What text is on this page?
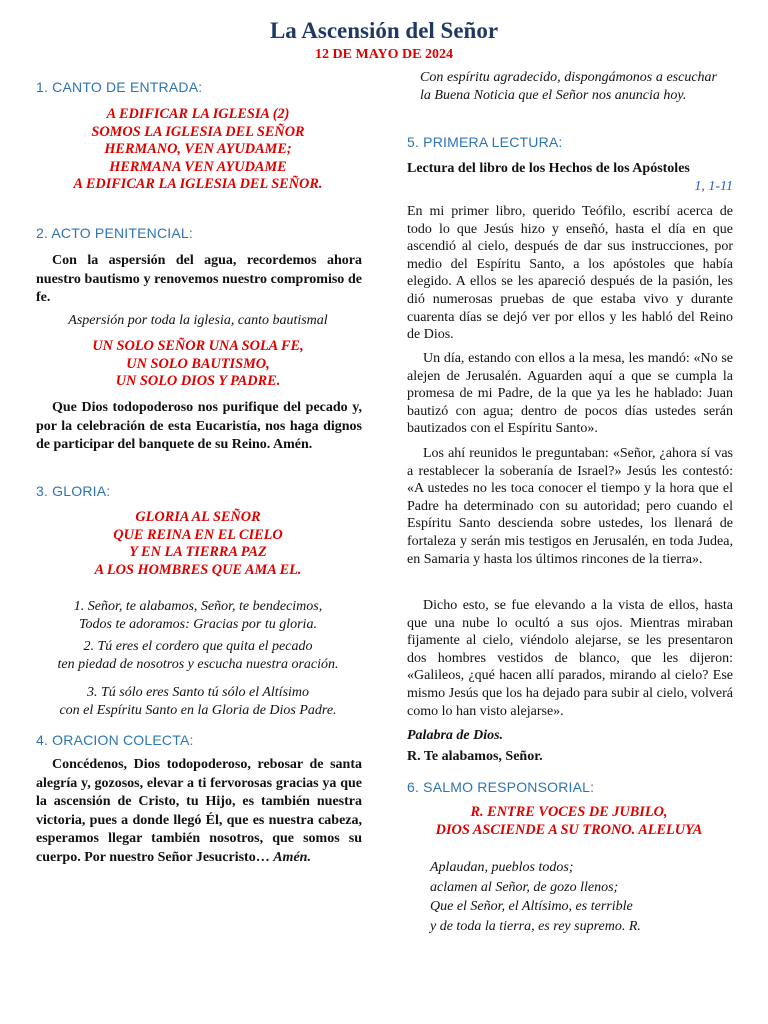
La Ascensión del Señor
12 DE MAYO DE 2024
1. CANTO DE ENTRADA:
A EDIFICAR LA IGLESIA (2)
SOMOS LA IGLESIA DEL SEÑOR
HERMANO, VEN AYUDAME;
HERMANA VEN AYUDAME
A EDIFICAR LA IGLESIA DEL SEÑOR.
2. ACTO PENITENCIAL:
Con la aspersión del agua, recordemos ahora nuestro bautismo y renovemos nuestro compromiso de fe.
Aspersión por toda la iglesia, canto bautismal
UN SOLO SEÑOR UNA SOLA FE,
UN SOLO BAUTISMO,
UN SOLO DIOS Y PADRE.
Que Dios todopoderoso nos purifique del pecado y, por la celebración de esta Eucaristía, nos haga dignos de participar del banquete de su Reino. Amén.
3. GLORIA:
GLORIA AL SEÑOR
QUE REINA EN EL CIELO
Y EN LA TIERRA PAZ
A LOS HOMBRES QUE AMA EL.
1. Señor, te alabamos, Señor, te bendecimos,
Todos te adoramos: Gracias por tu gloria.
2. Tú eres el cordero que quita el pecado
ten piedad de nosotros y escucha nuestra oración.
3. Tú sólo eres Santo tú sólo el Altísimo
con el Espíritu Santo en la Gloria de Dios Padre.
4. ORACION COLECTA:
Concédenos, Dios todopoderoso, rebosar de santa alegría y, gozosos, elevar a ti fervorosas gracias ya que la ascensión de Cristo, tu Hijo, es también nuestra victoria, pues a donde llegó Él, que es nuestra cabeza, esperamos llegar también nosotros, que somos su cuerpo. Por nuestro Señor Jesucristo… Amén.
Con espíritu agradecido, dispongámonos a escuchar la Buena Noticia que el Señor nos anuncia hoy.
5. PRIMERA LECTURA:
Lectura del libro de los Hechos de los Apóstoles
1, 1-11
En mi primer libro, querido Teófilo, escribí acerca de todo lo que Jesús hizo y enseñó, hasta el día en que ascendió al cielo, después de dar sus instrucciones, por medio del Espíritu Santo, a los apóstoles que había elegido. A ellos se les apareció después de la pasión, les dió numerosas pruebas de que estaba vivo y durante cuarenta días se dejó ver por ellos y les habló del Reino de Dios.
Un día, estando con ellos a la mesa, les mandó: «No se alejen de Jerusalén. Aguarden aquí a que se cumpla la promesa de mi Padre, de la que ya les he hablado: Juan bautizó con agua; dentro de pocos días ustedes serán bautizados con el Espíritu Santo».
Los ahí reunidos le preguntaban: «Señor, ¿ahora sí vas a restablecer la soberanía de Israel?» Jesús les contestó: «A ustedes no les toca conocer el tiempo y la hora que el Padre ha determinado con su autoridad; pero cuando el Espíritu Santo descienda sobre ustedes, los llenará de fortaleza y serán mis testigos en Jerusalén, en toda Judea, en Samaria y hasta los últimos rincones de la tierra».
Dicho esto, se fue elevando a la vista de ellos, hasta que una nube lo ocultó a sus ojos. Mientras miraban fijamente al cielo, viéndolo alejarse, se les presentaron dos hombres vestidos de blanco, que les dijeron: «Galileos, ¿qué hacen allí parados, mirando al cielo? Ese mismo Jesús que los ha dejado para subir al cielo, volverá como lo han visto alejarse».
Palabra de Dios.
R. Te alabamos, Señor.
6. SALMO RESPONSORIAL:
R. ENTRE VOCES DE JUBILO,
DIOS ASCIENDE A SU TRONO. ALELUYA
Aplaudan, pueblos todos;
aclamen al Señor, de gozo llenos;
Que el Señor, el Altísimo, es terrible
y de toda la tierra, es rey supremo. R.
